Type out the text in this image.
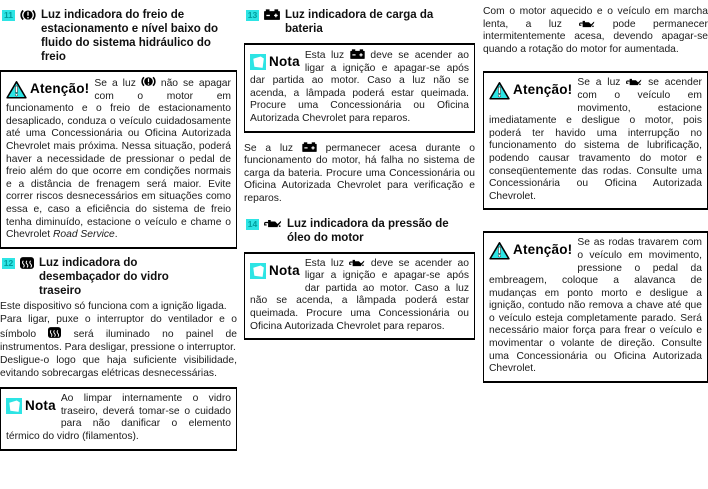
11 Luz indicadora do freio de estacionamento e nível baixo do fluido do sistema hidráulico do freio
Atenção! Se a luz não se apagar com o motor em funcionamento e o freio de estacionamento desaplicado, conduza o veículo cuidadosamente até uma Concessionária ou Oficina Autorizada Chevrolet mais próxima. Nessa situação, poderá haver a necessidade de pressionar o pedal de freio além do que ocorre em condições normais e a distância de frenagem será maior. Evite correr riscos desnecessários em situações como essa e, caso a eficiência do sistema de freio tenha diminuído, estacione o veículo e chame o Chevrolet Road Service.

12 Luz indicadora do desembaçador do vidro traseiro

Este dispositivo só funciona com a ignição ligada.

Para ligar, puxe o interruptor do ventilador e o símbolo	será iluminado no painel de instrumentos. Para desligar, pressione o interruptor.

Desligue-o logo que haja suficiente visibilidade, evitando sobrecargas elétricas desnecessárias.

Nota Ao limpar internamente o vidro traseiro, deverá tomar-se o cuidado para não danificar o elemento térmico do vidro (filamentos).

13 Luz indicadora de carga da bateria
Nota Esta luz	deve se acender ao ligar a ignição e apagar-se após dar partida ao motor. Caso a luz não se acenda, a lâmpada poderá estar queimada. Procure uma Concessionária ou Oficina Autorizada Chevrolet para reparos.

Se a luz	permanecer acesa durante o funcionamento do motor, há falha no sistema de carga da bateria. Procure uma Concessionária ou Oficina Autorizada Chevrolet para verificação e reparos.

14	Luz indicadora da pressão de óleo do motor
Nota Esta luz	deve se acender ao ligar a ignição e apagar-se após dar partida ao motor. Caso a luz não se acenda, a lâmpada poderá estar queimada. Procure uma Concessionária ou Oficina Autorizada Chevrolet para reparos.

Com o motor aquecido e o veículo em marcha lenta, a luz	pode permanecer intermitentemente acesa, devendo apagar-se quando a rotação do motor for aumentada.

Atenção! Se a luz	se acender com o veículo em movimento, estacione imediatamente e desligue o motor, pois poderá ter havido uma interrupção no funcionamento do sistema de lubrificação, podendo causar travamento do motor e conseqüentemente das rodas. Consulte uma Concessionária ou Oficina Autorizada Chevrolet.

Atenção! Se as rodas travarem com o veículo em movimento, pressione o pedal da embreagem, coloque a alavanca de mudanças em ponto morto e desligue a ignição, contudo não remova a chave até que o veículo esteja completamente parado. Será necessário maior força para frear o veículo e movimentar o volante de direção. Consulte uma Concessionária ou Oficina Autorizada Chevrolet.
